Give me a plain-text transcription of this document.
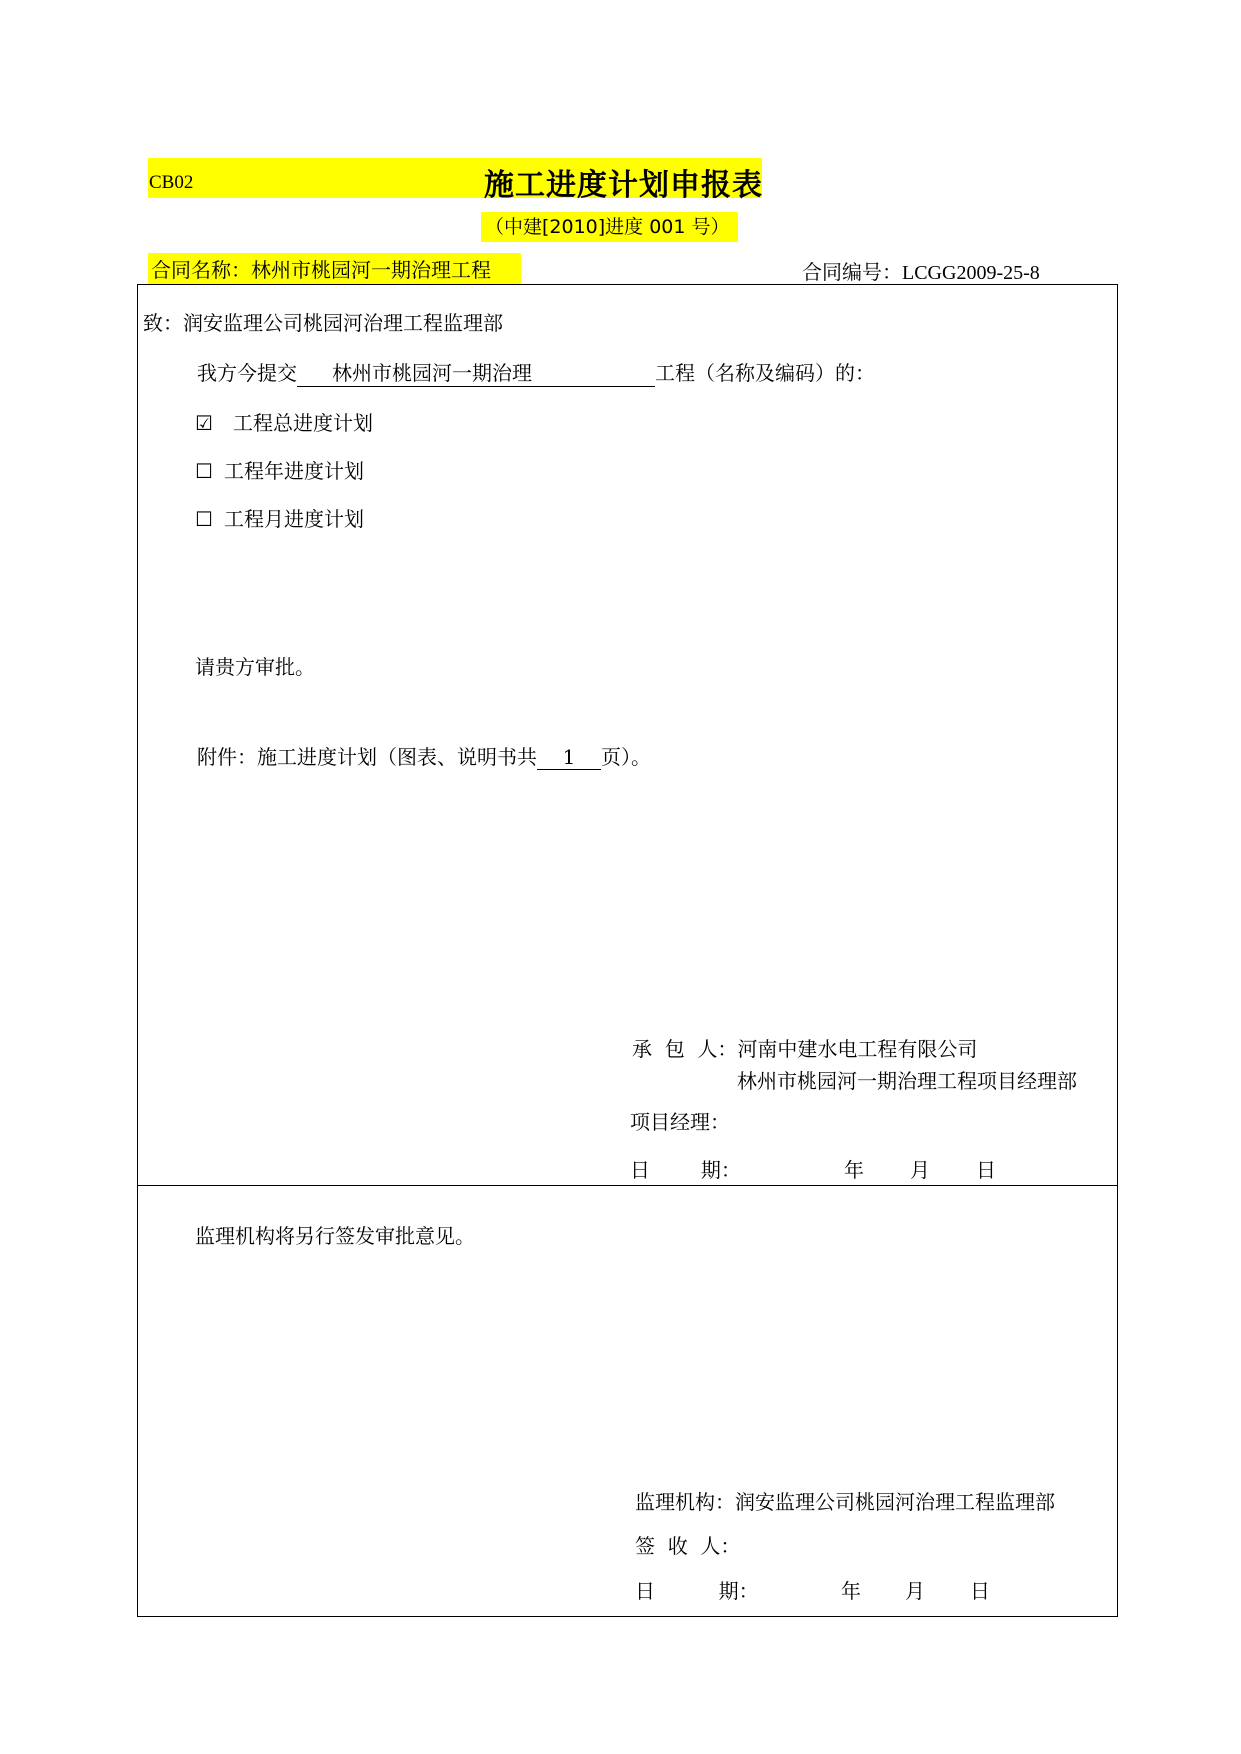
CB02	施工进度计划申报表
（中建[2010]进度 001 号）
合同名称：林州市桃园河一期治理工程	合同编号：LCGG2009-25-8
致：润安监理公司桃园河治理工程监理部
我方今提交 林州市桃园河一期治理	工程（名称及编码）的：
☑ 工程总进度计划
☐ 工程年进度计划
☐ 工程月进度计划
请贵方审批。
附件：施工进度计划（图表、说明书共 1 页）。
承  包  人：河南中建水电工程有限公司
林州市桃园河一期治理工程项目经理部
项目经理：
日        期：	年 月 日
监理机构将另行签发审批意见。
监理机构：润安监理公司桃园河治理工程监理部
签  收  人：
日          期：	年 月 日
